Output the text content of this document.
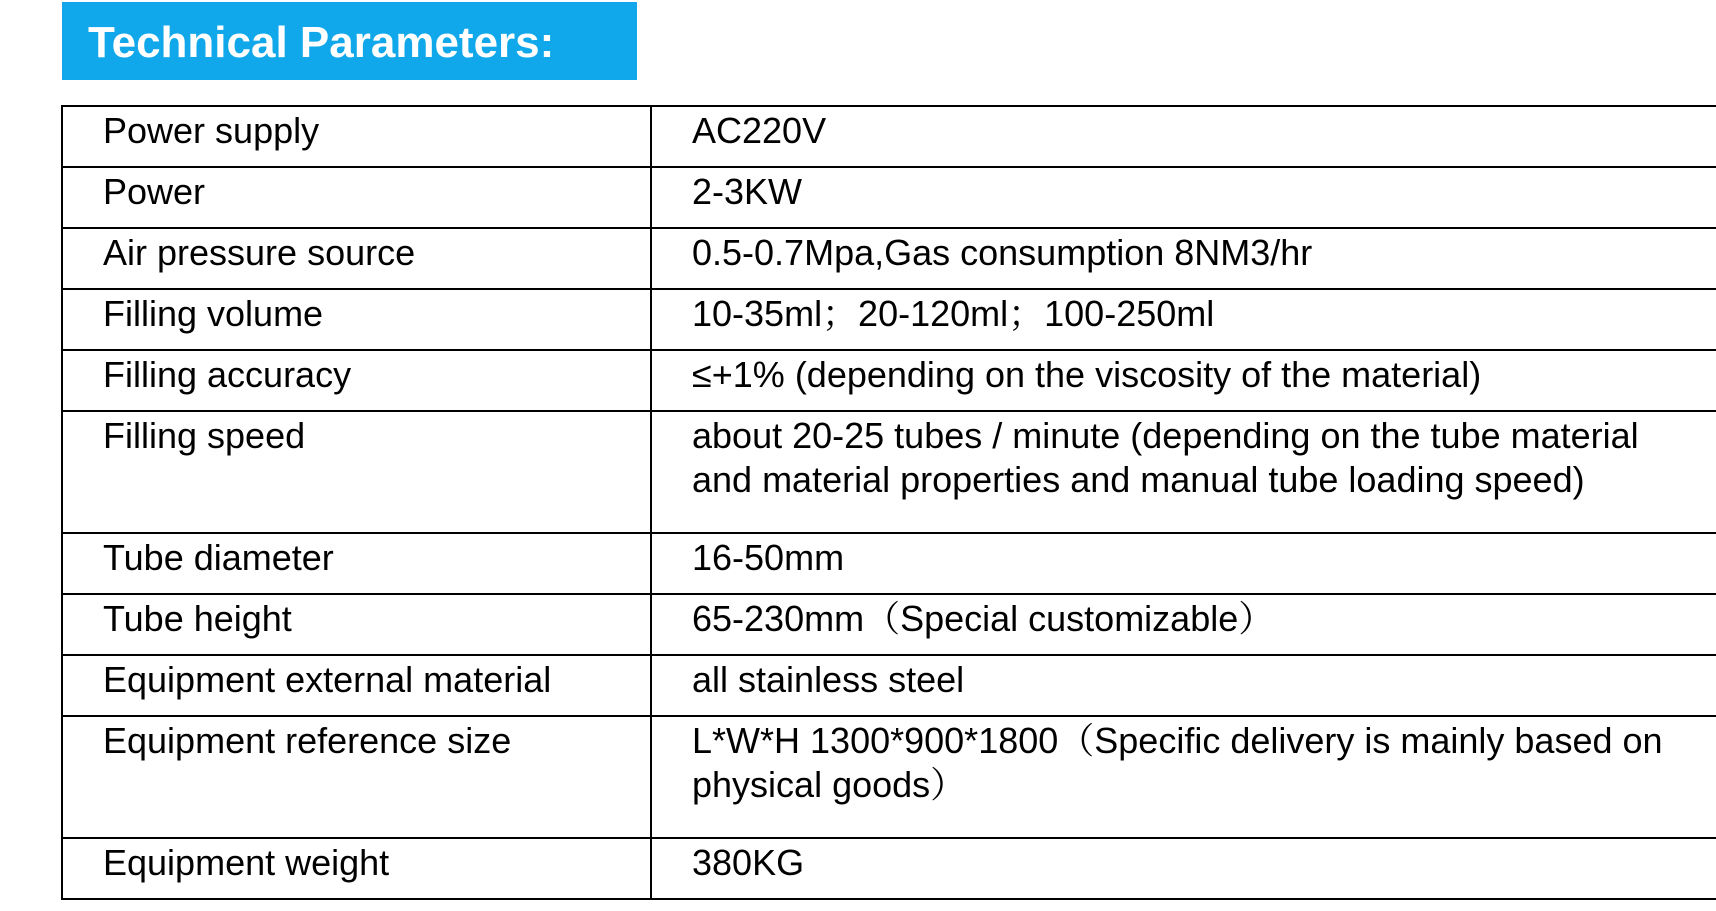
Technical Parameters:
Power supply	AC220V
Power	2-3KW
Air pressure source	0.5-0.7Mpa,Gas consumption 8NM3/hr
Filling volume	10-35ml；20-120ml；100-250ml
Filling accuracy	≤+1% (depending on the viscosity of the material)
Filling speed	about 20-25 tubes / minute (depending on the tube material and material properties and manual tube loading speed)
Tube diameter	16-50mm
Tube height	65-230mm（Special customizable）
Equipment external material	all stainless steel
Equipment reference size	L*W*H 1300*900*1800（Specific delivery is mainly based on physical goods）
Equipment weight	380KG
